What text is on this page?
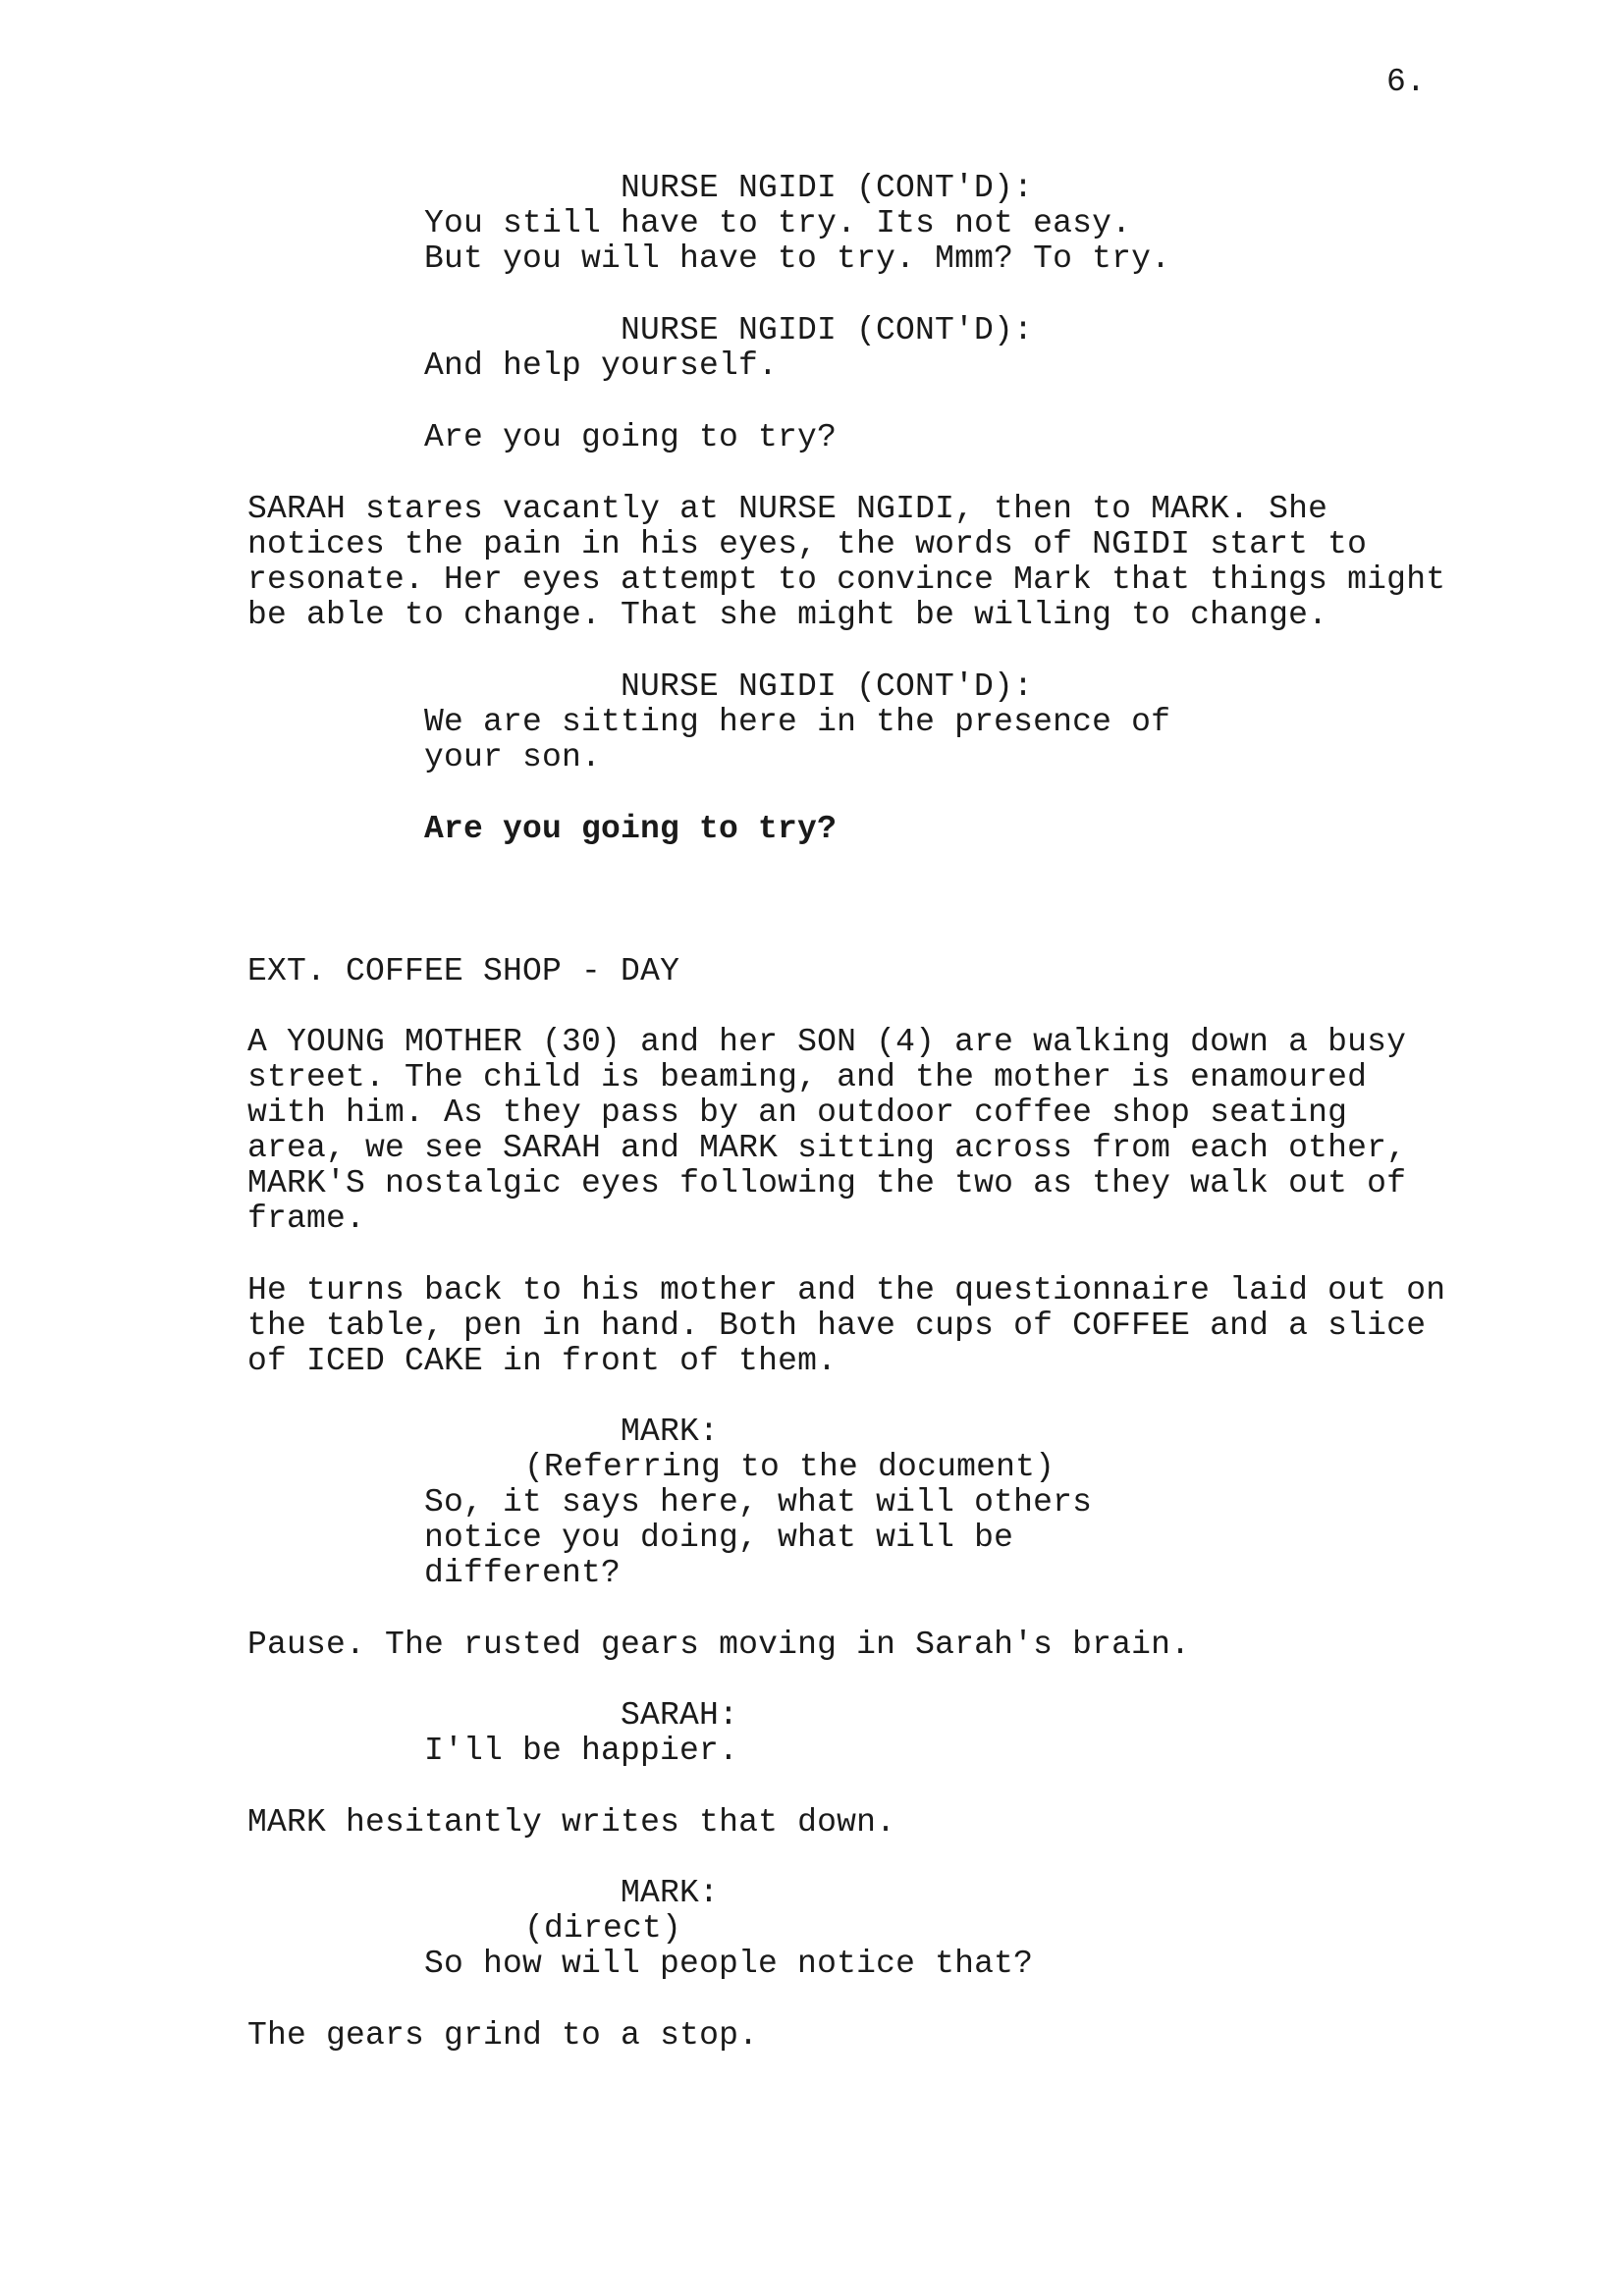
6.
NURSE NGIDI (CONT'D):
You still have to try. Its not easy.
But you will have to try. Mmm? To try.
NURSE NGIDI (CONT'D):
And help yourself.
Are you going to try?
SARAH stares vacantly at NURSE NGIDI, then to MARK. She
notices the pain in his eyes, the words of NGIDI start to
resonate. Her eyes attempt to convince Mark that things might
be able to change. That she might be willing to change.
NURSE NGIDI (CONT'D):
We are sitting here in the presence of
your son.
Are you going to try?
EXT. COFFEE SHOP - DAY
A YOUNG MOTHER (30) and her SON (4) are walking down a busy
street. The child is beaming, and the mother is enamoured
with him. As they pass by an outdoor coffee shop seating
area, we see SARAH and MARK sitting across from each other,
MARK'S nostalgic eyes following the two as they walk out of
frame.
He turns back to his mother and the questionnaire laid out on
the table, pen in hand. Both have cups of COFFEE and a slice
of ICED CAKE in front of them.
MARK:
(Referring to the document)
So, it says here, what will others
notice you doing, what will be
different?
Pause. The rusted gears moving in Sarah's brain.
SARAH:
I'll be happier.
MARK hesitantly writes that down.
MARK:
(direct)
So how will people notice that?
The gears grind to a stop.
